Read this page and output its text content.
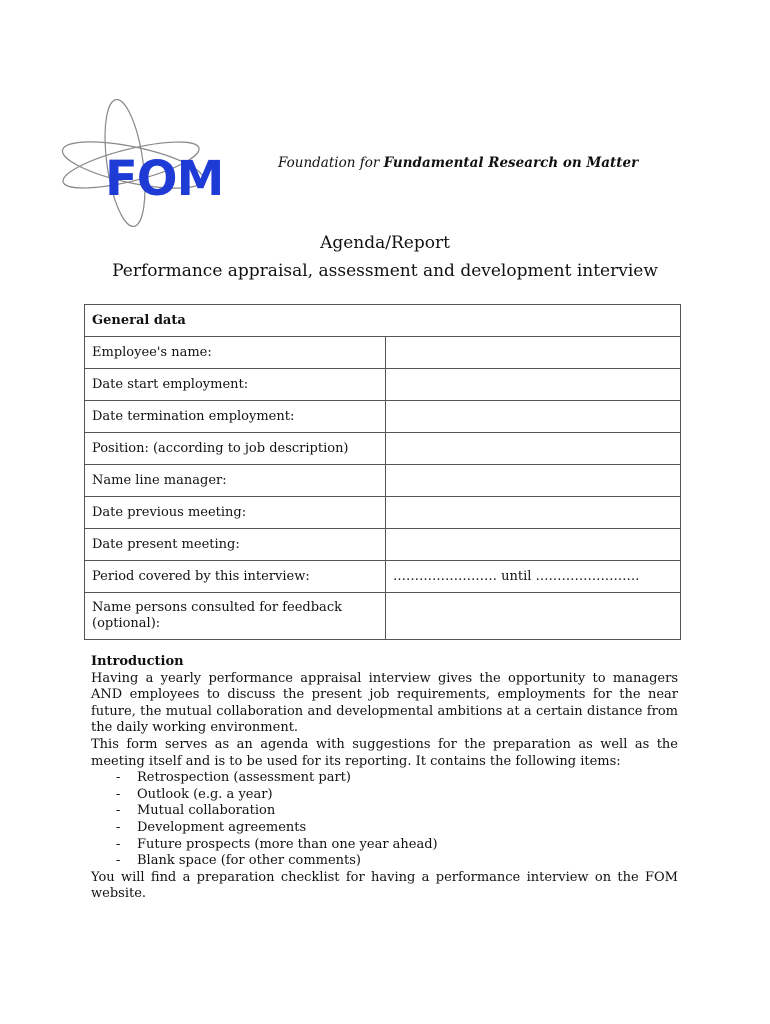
FOM	Foundation for Fundamental Research on Matter
Agenda/Report
Performance appraisal, assessment and development interview
General data	
Employee's name:	
Date start employment:	
Date termination employment:	
Position: (according to job description)	
Name line manager:	
Date previous meeting:	
Date present meeting:	
Period covered by this interview:	…………………… until ……………………
Name persons consulted for feedback (optional):	
Introduction

Having a yearly performance appraisal interview gives the opportunity to managers AND employees to discuss the present job requirements, employments for the near future, the mutual collaboration and developmental ambitions at a certain distance from the daily working environment.

This form serves as an agenda with suggestions for the preparation as well as the meeting itself and is to be used for its reporting. It contains the following items:

- Retrospection (assessment part)
- Outlook (e.g. a year)
- Mutual collaboration
- Development agreements
- Future prospects (more than one year ahead)
- Blank space (for other comments)

You will find a preparation checklist for having a performance interview on the FOM website.
